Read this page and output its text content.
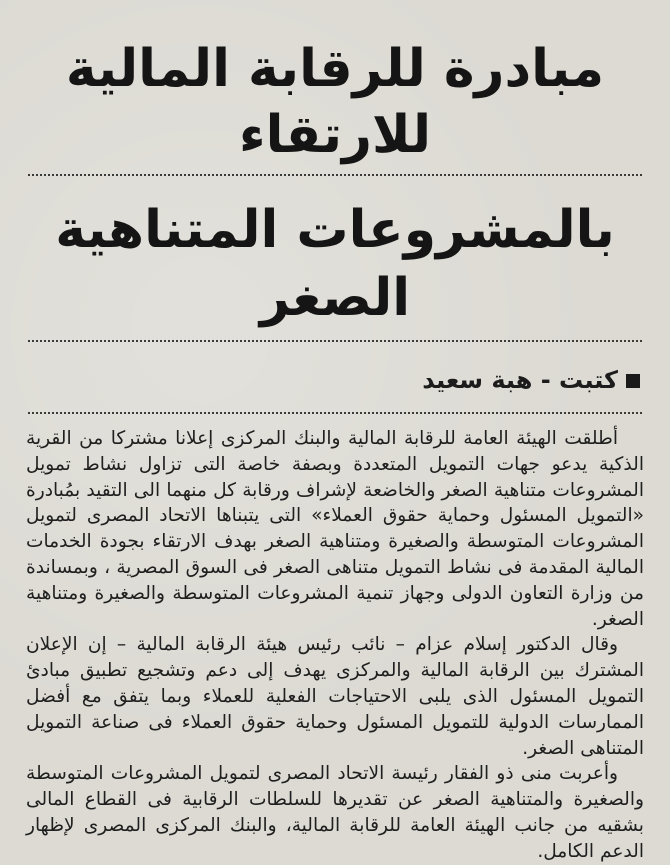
مبادرة للرقابة المالية للارتقاء
بالمشروعات المتناهية الصغر
كتبت - هبة سعيد

أطلقت الهيئة العامة للرقابة المالية والبنك المركزى إعلانا مشتركا من القرية الذكية يدعو جهات التمويل المتعددة وبصفة خاصة التى تزاول نشاط تمويل المشروعات متناهية الصغر والخاضعة لإشراف ورقابة كل منهما الى التقيد بمُبادرة «التمويل المسئول وحماية حقوق العملاء» التى يتبناها الاتحاد المصرى لتمويل المشروعات المتوسطة والصغيرة ومتناهية الصغر بهدف الارتقاء بجودة الخدمات المالية المقدمة فى نشاط التمويل متناهى الصغر فى السوق المصرية ، وبمساندة من وزارة التعاون الدولى وجهاز تنمية المشروعات المتوسطة والصغيرة ومتناهية الصغر.

وقال الدكتور إسلام عزام – نائب رئيس هيئة الرقابة المالية – إن الإعلان المشترك بين الرقابة المالية والمركزى يهدف إلى دعم وتشجيع تطبيق مبادئ التمويل المسئول الذى يلبى الاحتياجات الفعلية للعملاء وبما يتفق مع أفضل الممارسات الدولية للتمويل المسئول وحماية حقوق العملاء فى صناعة التمويل المتناهى الصغر.

وأعربت منى ذو الفقار رئيسة الاتحاد المصرى لتمويل المشروعات المتوسطة والصغيرة والمتناهية الصغر عن تقديرها للسلطات الرقابية فى القطاع المالى بشقيه من جانب الهيئة العامة للرقابة المالية، والبنك المركزى المصرى لإظهار الدعم الكامل.
